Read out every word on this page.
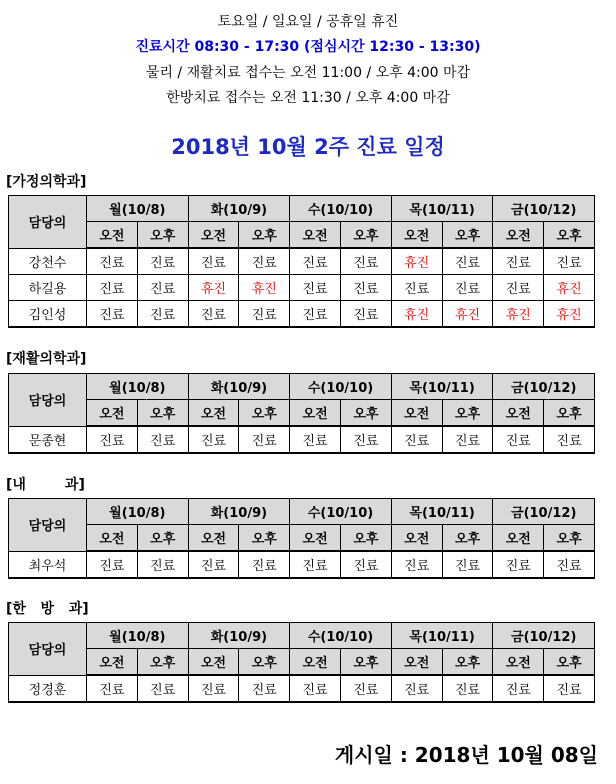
토요일 / 일요일 / 공휴일 휴진
진료시간 08:30 - 17:30 (점심시간 12:30 - 13:30)
물리 / 재활치료 접수는 오전 11:00 / 오후 4:00 마감
한방치료 접수는 오전 11:30 / 오후 4:00 마감
2018년 10월 2주 진료 일정
[가정의학과]
담당의	월(10/8)		화(10/9)		수(10/10)		목(10/11)		금(10/12)	
	오전	오후	오전	오후	오전	오후	오전	오후	오전	오후
강천수	진료	진료	진료	진료	진료	진료	휴진	진료	진료	진료
하길용	진료	진료	휴진	휴진	진료	진료	진료	진료	진료	휴진
김인성	진료	진료	진료	진료	진료	진료	휴진	휴진	휴진	휴진
[재활의학과]
담당의	월(10/8)		화(10/9)		수(10/10)		목(10/11)		금(10/12)	
	오전	오후	오전	오후	오전	오후	오전	오후	오전	오후
문종현	진료	진료	진료	진료	진료	진료	진료	진료	진료	진료
[내        과]
담당의	월(10/8)		화(10/9)		수(10/10)		목(10/11)		금(10/12)	
	오전	오후	오전	오후	오전	오후	오전	오후	오전	오후
최우석	진료	진료	진료	진료	진료	진료	진료	진료	진료	진료
[한   방   과]
담당의	월(10/8)		화(10/9)		수(10/10)		목(10/11)		금(10/12)	
	오전	오후	오전	오후	오전	오후	오전	오후	오전	오후
정경훈	진료	진료	진료	진료	진료	진료	진료	진료	진료	진료
게시일 : 2018년 10월 08일
